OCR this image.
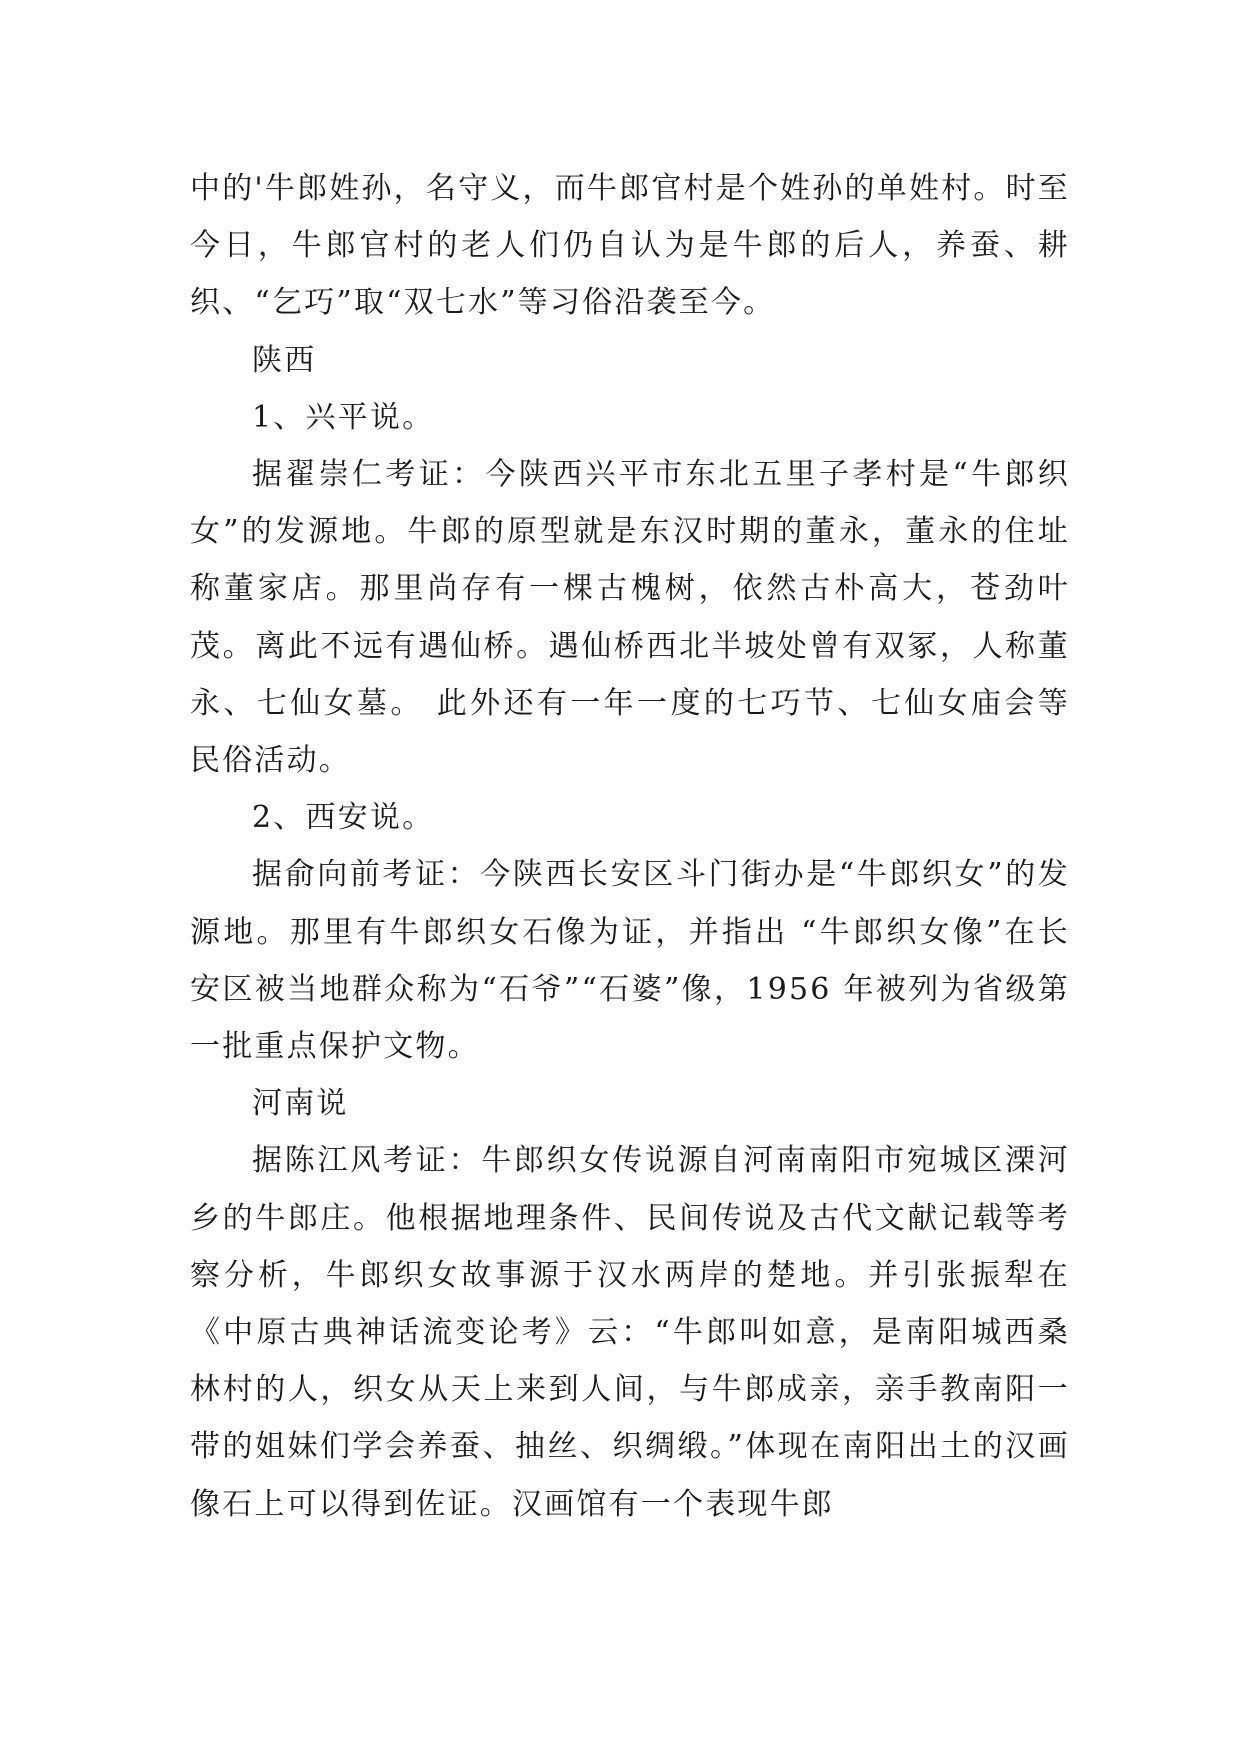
中的'牛郎姓孙，名守义，而牛郎官村是个姓孙的单姓村。时至今日，牛郎官村的老人们仍自认为是牛郎的后人，养蚕、耕织、“乞巧”取“双七水”等习俗沿袭至今。

陕西

1、兴平说。

据翟崇仁考证：今陕西兴平市东北五里子孝村是“牛郎织女”的发源地。牛郎的原型就是东汉时期的董永，董永的住址称董家店。那里尚存有一棵古槐树，依然古朴高大，苍劲叶茂。离此不远有遇仙桥。遇仙桥西北半坡处曾有双冢，人称董永、七仙女墓。 此外还有一年一度的七巧节、七仙女庙会等民俗活动。

2、西安说。

据俞向前考证：今陕西长安区斗门街办是“牛郎织女”的发源地。那里有牛郎织女石像为证，并指出 “牛郎织女像”在长安区被当地群众称为“石爷”“石婆”像，1956 年被列为省级第一批重点保护文物。

河南说

据陈江风考证：牛郎织女传说源自河南南阳市宛城区溧河乡的牛郎庄。他根据地理条件、民间传说及古代文献记载等考察分析，牛郎织女故事源于汉水两岸的楚地。并引张振犁在《中原古典神话流变论考》云：“牛郎叫如意，是南阳城西桑林村的人，织女从天上来到人间，与牛郎成亲，亲手教南阳一带的姐妹们学会养蚕、抽丝、织绸缎。”体现在南阳出土的汉画像石上可以得到佐证。汉画馆有一个表现牛郎
